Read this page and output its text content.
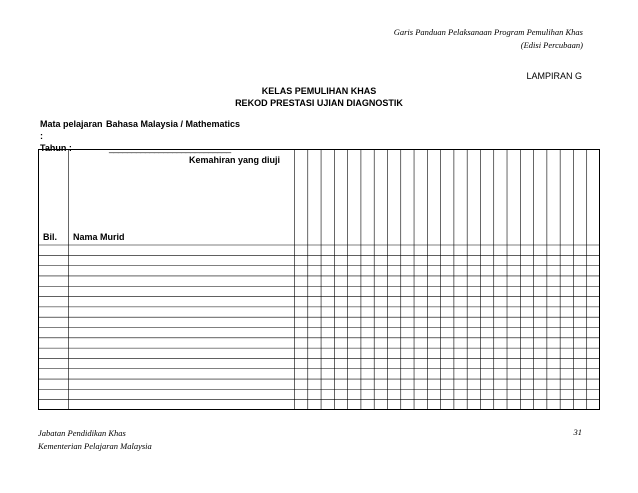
Garis Panduan Pelaksanaan Program Pemulihan Khas
(Edisi Percubaan)
LAMPIRAN G
KELAS PEMULIHAN KHAS
REKOD PRESTASI UJIAN DIAGNOSTIK
Mata pelajaran :
Bahasa Malaysia / Mathematics
Tahun :	___________________________
Kemahiran yang diuji
Bil. Nama Murid
Jabatan Pendidikan Khas
Kementerian Pelajaran Malaysia
31
